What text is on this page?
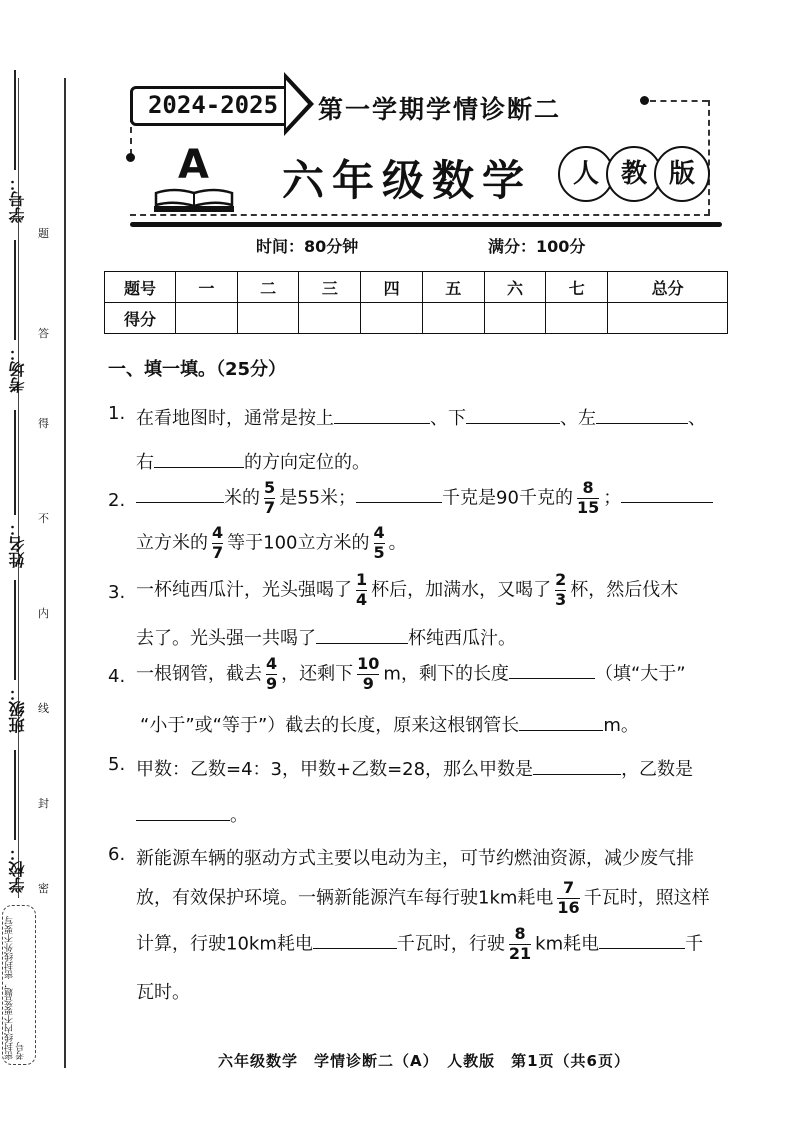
学号：
考场：
姓名：
班级：
学校：
题
答
得
不
内
线
封
密
密封线内不要答题，密封线外不要写考号
2024-2025	第一学期学情诊断二
A 六年级数学	人 教 版
时间：80分钟	满分：100分
题号	一	二	三	四	五	六	七	总分
得分								
一、填一填。（25分）
1. 在看地图时，通常是按上	、下	、左	、
右	的方向定位的。
2.	米的 $\frac{5}{7}$ 是55米；	千克是90千克的 $\frac{8}{15}$ ；
立方米的 $\frac{4}{7}$ 等于100立方米的 $\frac{4}{5}$ 。
3. 一杯纯西瓜汁，光头强喝了 $\frac{1}{4}$ 杯后，加满水，又喝了 $\frac{2}{3}$ 杯，然后伐木
去了。光头强一共喝了	杯纯西瓜汁。
4. 一根钢管，截去 $\frac{4}{9}$ ，还剩下 $\frac{10}{9}$ m，剩下的长度	（填“大于”
“小于”或“等于”）截去的长度，原来这根钢管长	m。
5. 甲数：乙数=4：3，甲数+乙数=28，那么甲数是	，乙数是
。
6. 新能源车辆的驱动方式主要以电动为主，可节约燃油资源，减少废气排
放，有效保护环境。一辆新能源汽车每行驶1km耗电 $\frac{7}{16}$ 千瓦时，照这样
计算，行驶10km耗电	千瓦时，行驶 $\frac{8}{21}$ km耗电	千
瓦时。
六年级数学　学情诊断二（A）　人教版　第1页（共6页）
